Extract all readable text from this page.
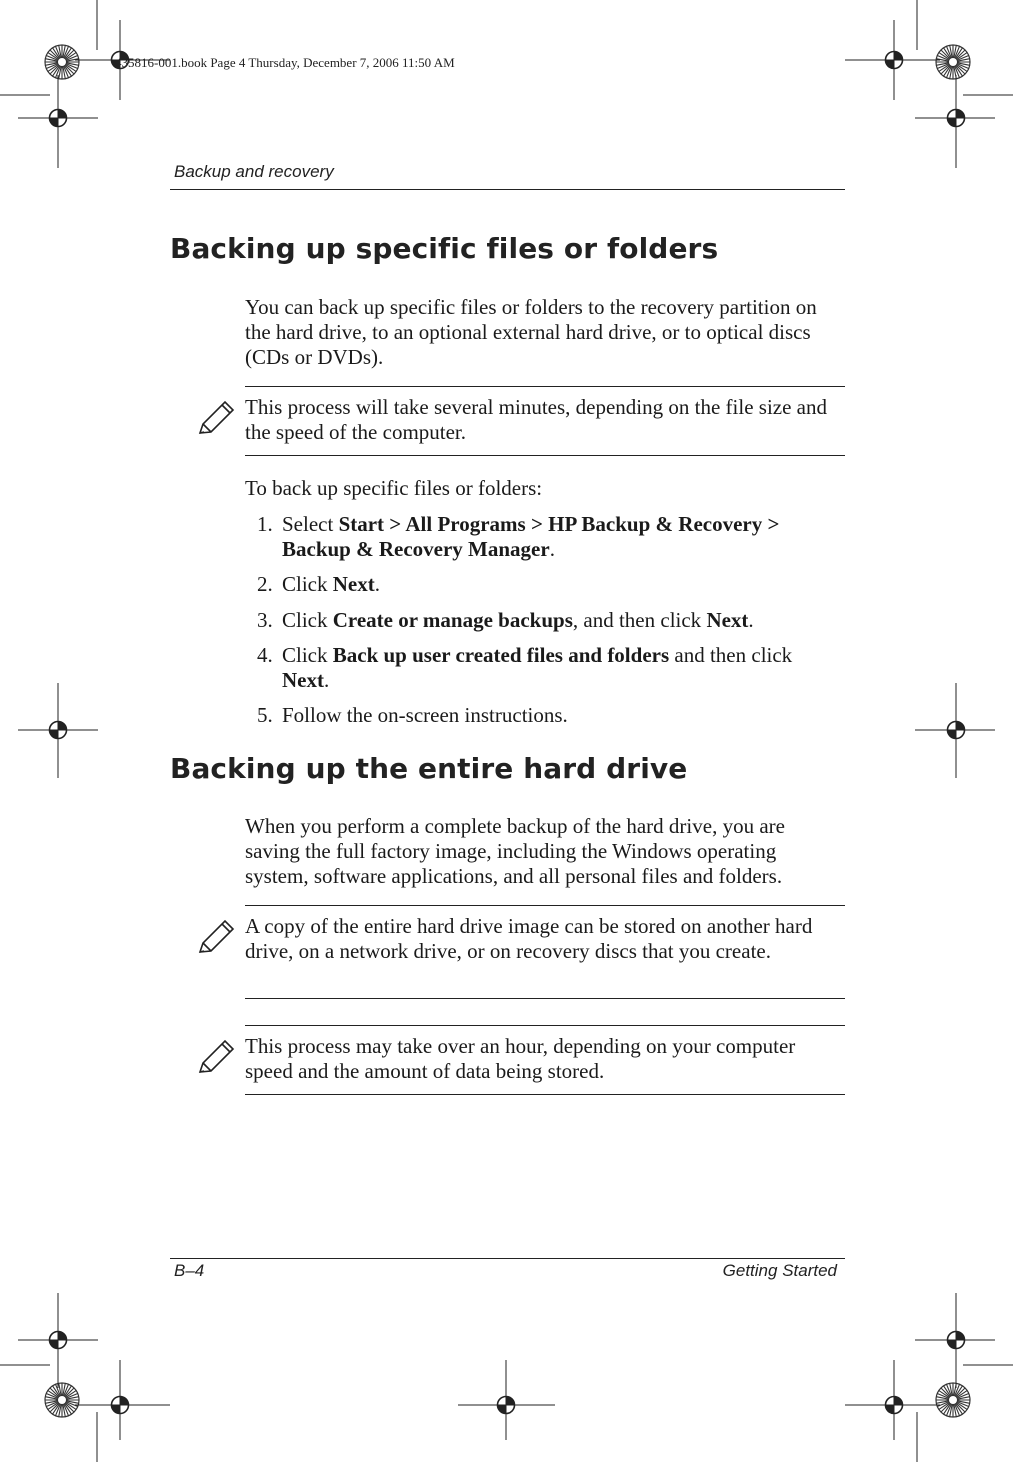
435816-001.book Page 4 Thursday, December 7, 2006 11:50 AM
Backup and recovery
Backing up specific files or folders
You can back up specific files or folders to the recovery partition on the hard drive, to an optional external hard drive, or to optical discs (CDs or DVDs).
This process will take several minutes, depending on the file size and the speed of the computer.
To back up specific files or folders:
1. Select Start > All Programs > HP Backup & Recovery > Backup & Recovery Manager.
2. Click Next.
3. Click Create or manage backups, and then click Next.
4. Click Back up user created files and folders and then click Next.
5. Follow the on-screen instructions.
Backing up the entire hard drive
When you perform a complete backup of the hard drive, you are saving the full factory image, including the Windows operating system, software applications, and all personal files and folders.
A copy of the entire hard drive image can be stored on another hard drive, on a network drive, or on recovery discs that you create.
This process may take over an hour, depending on your computer speed and the amount of data being stored.
B–4	Getting Started
